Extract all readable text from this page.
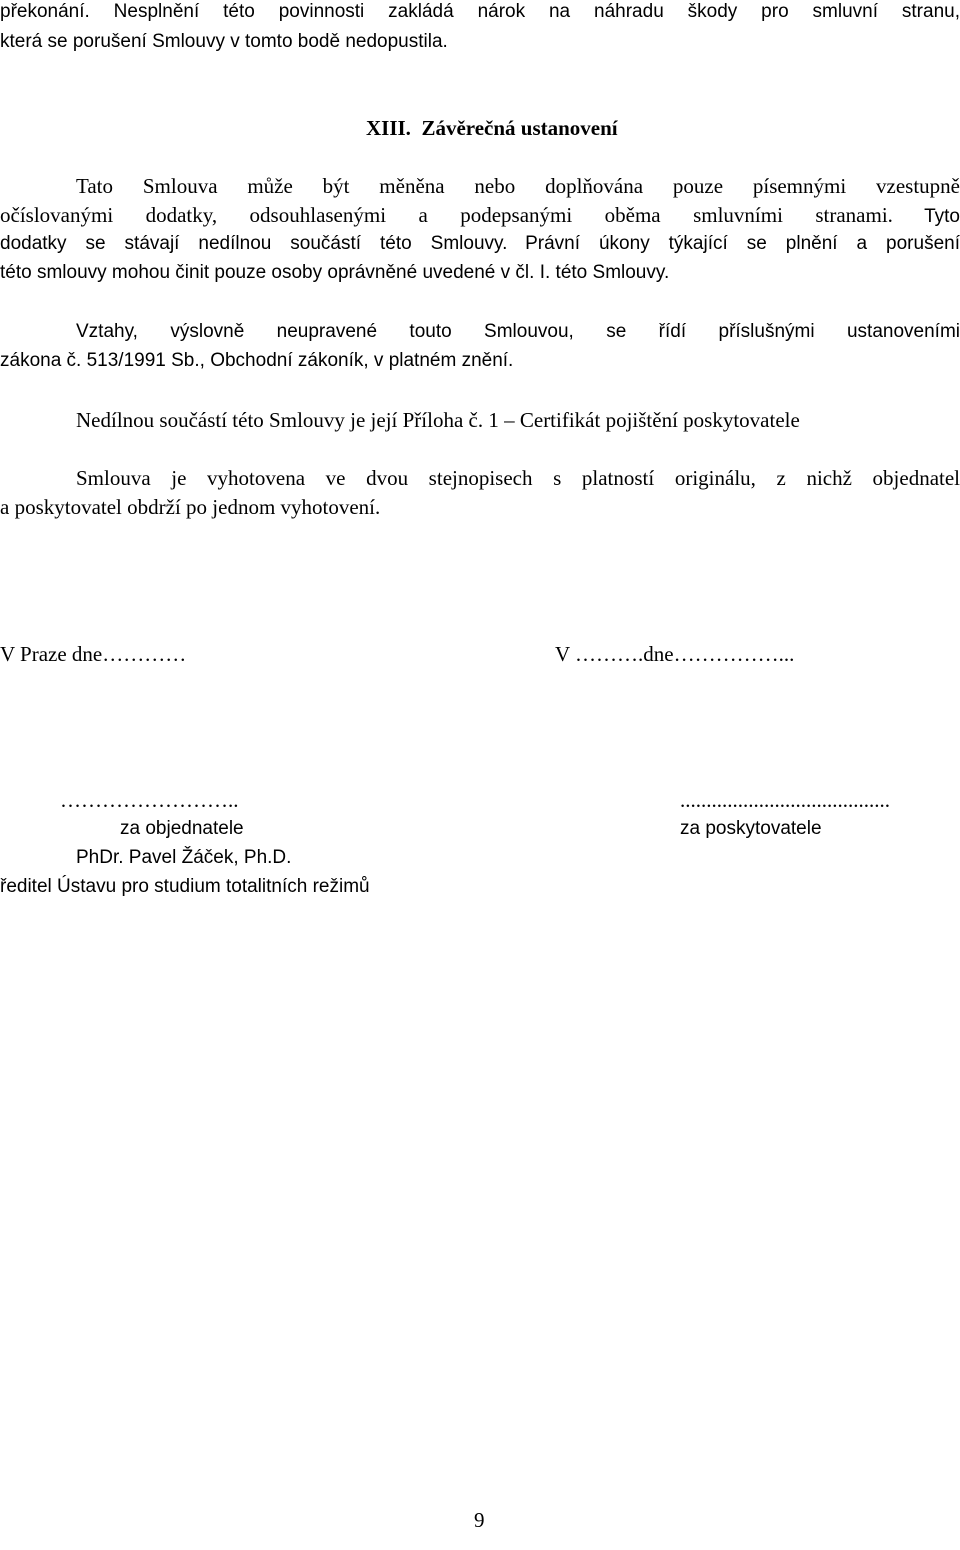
překonání. Nesplnění této povinnosti zakládá nárok na náhradu škody pro smluvní stranu,
která se porušení Smlouvy v tomto bodě nedopustila.
XIII. Závěrečná ustanovení
Tato Smlouva může být měněna nebo doplňována pouze písemnými vzestupně
očíslovanými dodatky, odsouhlasenými a podepsanými oběma smluvními stranami. Tyto
dodatky se stávají nedílnou součástí této Smlouvy. Právní úkony týkající se plnění a porušení
této smlouvy mohou činit pouze osoby oprávněné uvedené v čl. I. této Smlouvy.
Vztahy, výslovně neupravené touto Smlouvou, se řídí příslušnými ustanoveními
zákona č. 513/1991 Sb., Obchodní zákoník, v platném znění.
Nedílnou součástí této Smlouvy je její Příloha č. 1 – Certifikát pojištění poskytovatele
Smlouva je vyhotovena ve dvou stejnopisech s platností originálu, z nichž objednatel
a poskytovatel obdrží po jednom vyhotovení.
V Praze dne…………	V ……….dne……………...
……………………..
za objednatele
PhDr. Pavel Žáček, Ph.D.
ředitel Ústavu pro studium totalitních režimů
........................................
za poskytovatele
9
